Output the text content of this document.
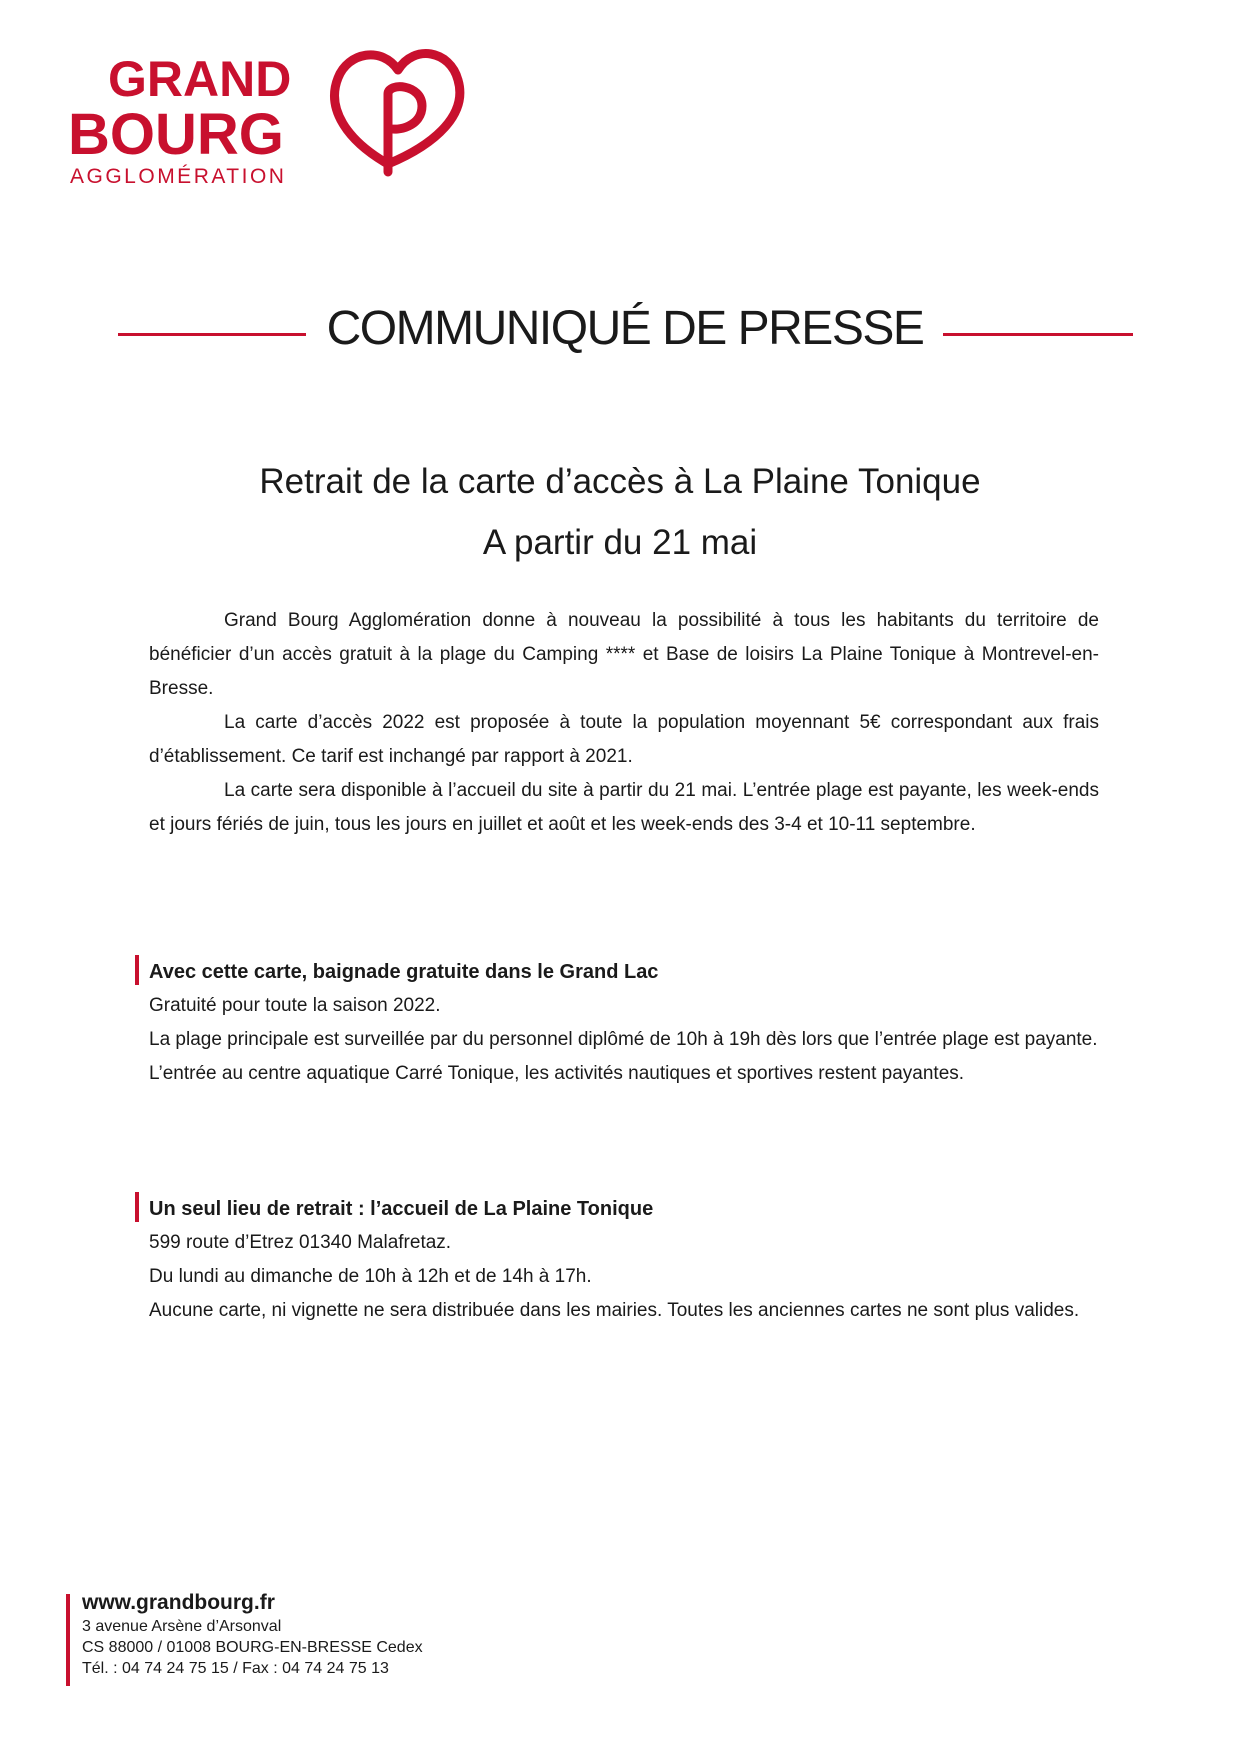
GRAND
BOURG
AGGLOMÉRATION
COMMUNIQUÉ DE PRESSE
Retrait de la carte d’accès à La Plaine Tonique
A partir du 21 mai

Grand Bourg Agglomération donne à nouveau la possibilité à tous les habitants du territoire de bénéficier d’un accès gratuit à la plage du Camping **** et Base de loisirs La Plaine Tonique à Montrevel-en-Bresse.

La carte d’accès 2022 est proposée à toute la population moyennant 5€ correspondant aux frais d’établissement. Ce tarif est inchangé par rapport à 2021.

La carte sera disponible à l’accueil du site à partir du 21 mai. L’entrée plage est payante, les week-ends et jours fériés de juin, tous les jours en juillet et août et les week-ends des 3-4 et 10-11 septembre.

Avec cette carte, baignade gratuite dans le Grand Lac
Gratuité pour toute la saison 2022.
La plage principale est surveillée par du personnel diplômé de 10h à 19h dès lors que l’entrée plage est payante.
L’entrée au centre aquatique Carré Tonique, les activités nautiques et sportives restent payantes.
Un seul lieu de retrait : l’accueil de La Plaine Tonique
599 route d’Etrez 01340 Malafretaz.
Du lundi au dimanche de 10h à 12h et de 14h à 17h.
Aucune carte, ni vignette ne sera distribuée dans les mairies. Toutes les anciennes cartes ne sont plus valides.
www.grandbourg.fr
3 avenue Arsène d’Arsonval
CS 88000 / 01008 BOURG-EN-BRESSE Cedex
Tél. : 04 74 24 75 15 / Fax : 04 74 24 75 13
